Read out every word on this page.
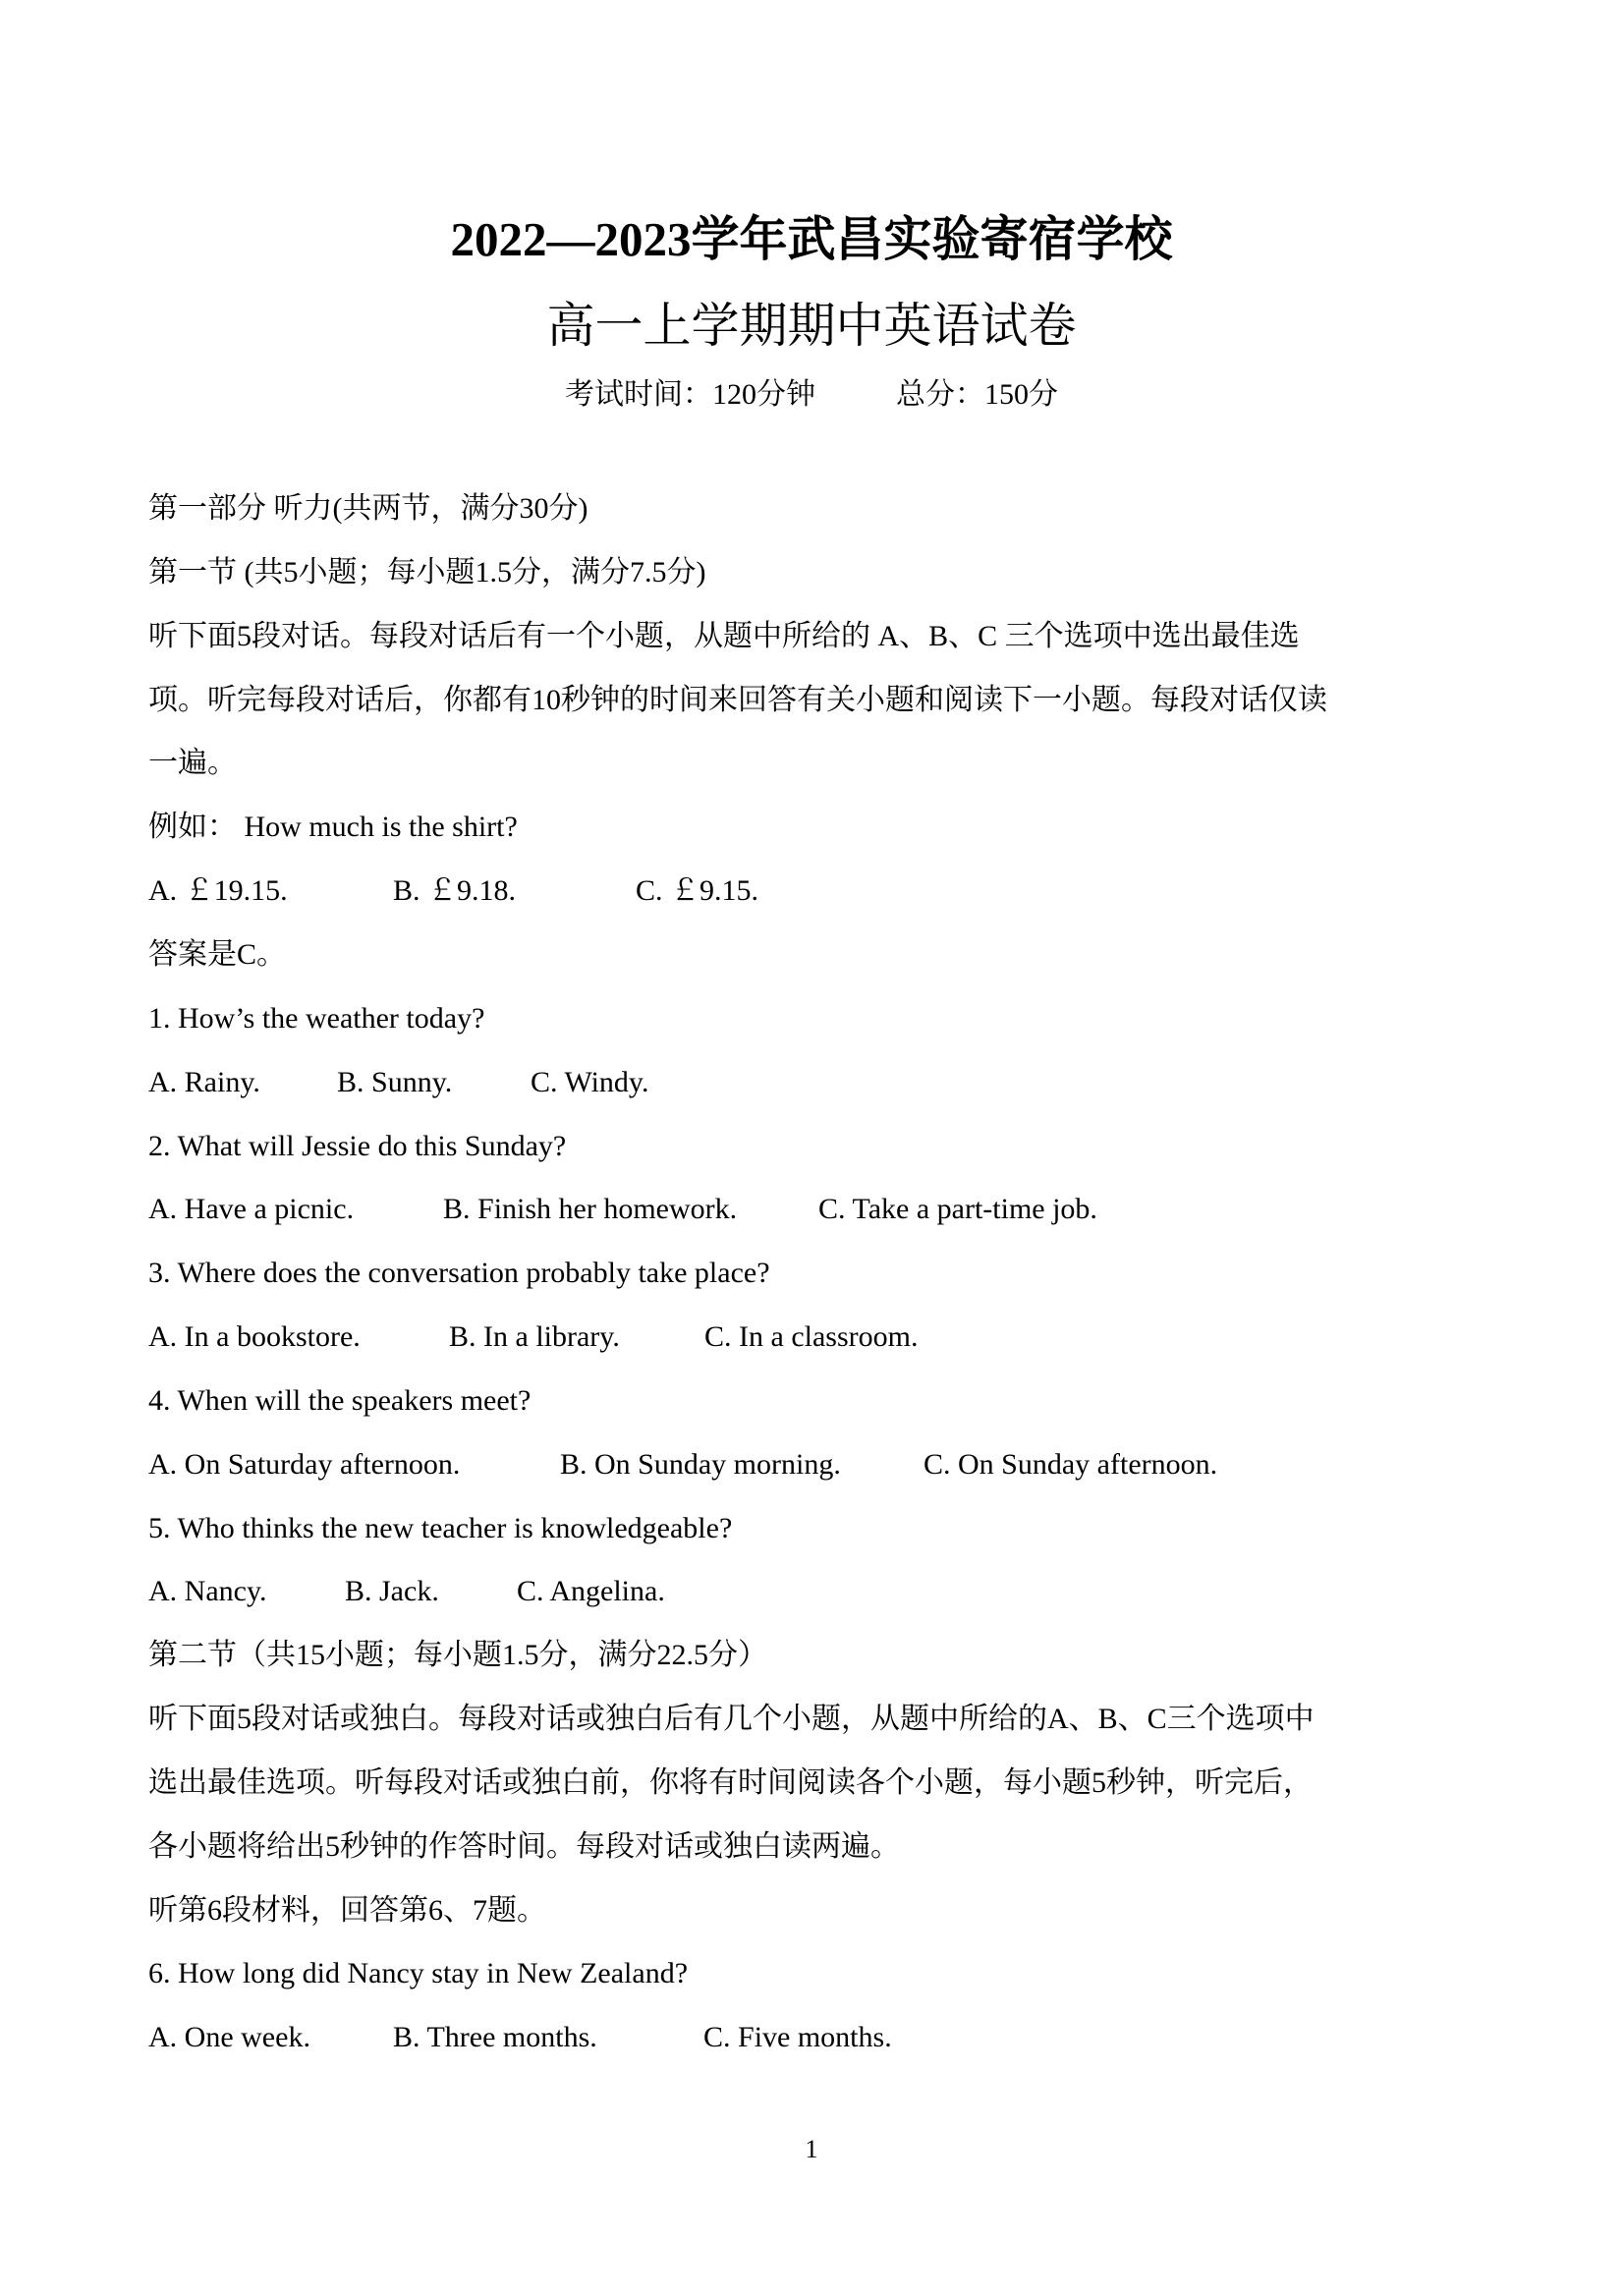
2022—2023学年武昌实验寄宿学校
高一上学期期中英语试卷
考试时间：120分钟	总分：150分
第一部分 听力(共两节，满分30分)
第一节 (共5小题；每小题1.5分，满分7.5分)
听下面5段对话。每段对话后有一个小题，从题中所给的 A、B、C 三个选项中选出最佳选
项。听完每段对话后，你都有10秒钟的时间来回答有关小题和阅读下一小题。每段对话仅读
一遍。
例如： How much is the shirt?
A. ￡19.15.	B. ￡9.18.	C. ￡9.15.
答案是C。
1. How’s the weather today?
A. Rainy.	B. Sunny.	C. Windy.
2. What will Jessie do this Sunday?
A. Have a picnic.	B. Finish her homework.	C. Take a part-time job.
3. Where does the conversation probably take place?
A. In a bookstore.	B. In a library.	C. In a classroom.
4. When will the speakers meet?
A. On Saturday afternoon.	B. On Sunday morning.	C. On Sunday afternoon.
5. Who thinks the new teacher is knowledgeable?
A. Nancy.	B. Jack.	C. Angelina.
第二节（共15小题；每小题1.5分，满分22.5分）
听下面5段对话或独白。每段对话或独白后有几个小题，从题中所给的A、B、C三个选项中
选出最佳选项。听每段对话或独白前，你将有时间阅读各个小题，每小题5秒钟，听完后，
各小题将给出5秒钟的作答时间。每段对话或独白读两遍。
听第6段材料，回答第6、7题。
6. How long did Nancy stay in New Zealand?
A. One week.	B. Three months.	C. Five months.
1
